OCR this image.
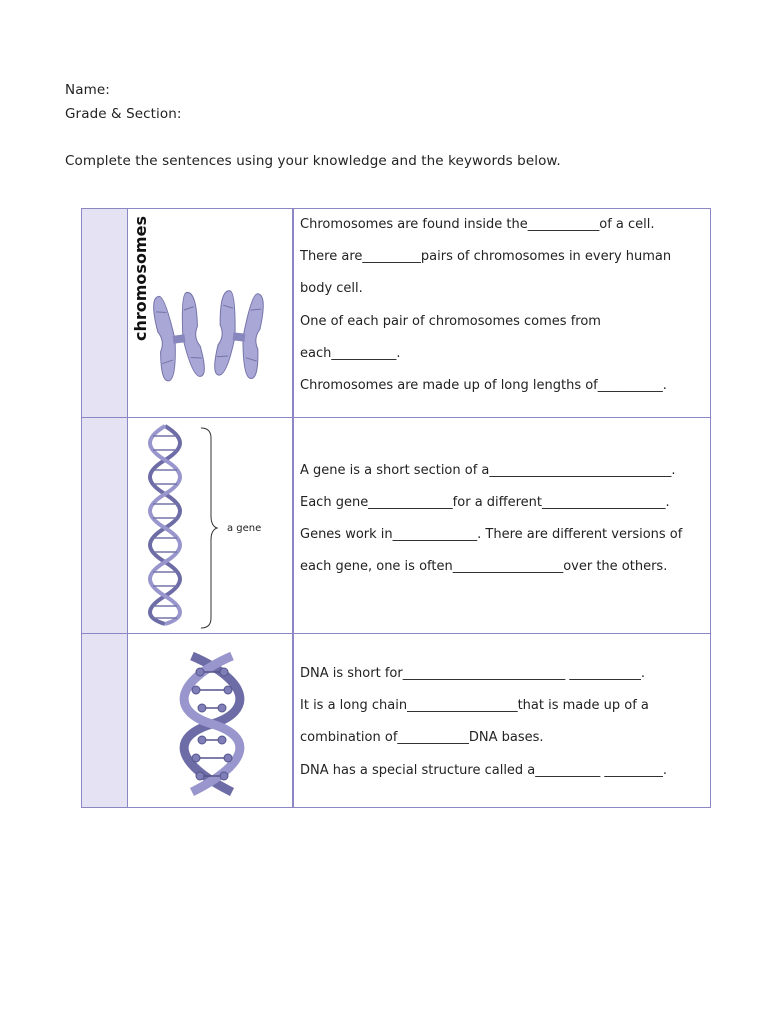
Name:
Grade & Section:
Complete the sentences using your knowledge and the keywords below.
chromosomes	Chromosomes are found inside the___________of a cell.
There are_________pairs of chromosomes in every human
body cell.
One of each pair of chromosomes comes from
each__________.
Chromosomes are made up of long lengths of__________.
a gene
A gene is a short section of a____________________________.
Each gene_____________for a different___________________.
Genes work in_____________. There are different versions of
each gene, one is often_________________over the others.
DNA is short for_________________________ ___________.
It is a long chain_________________that is made up of a
combination of___________DNA bases.
DNA has a special structure called a__________ _________.
